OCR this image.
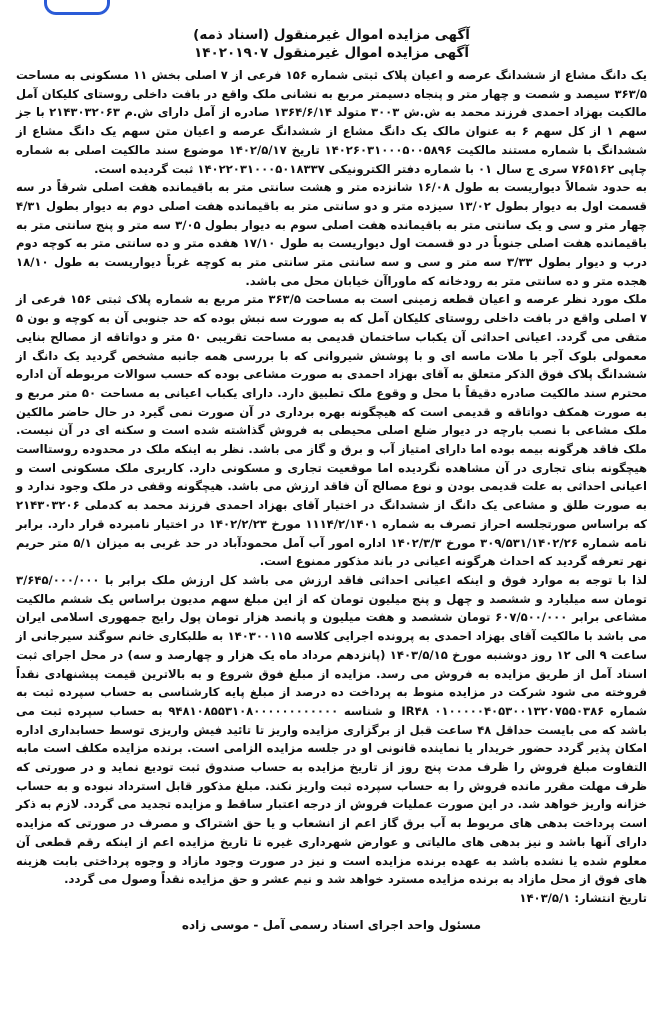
آگهی مزایده اموال غیرمنقول (اسناد ذمه)
آگهی مزایده اموال غیرمنقول ۱۴۰۲۰۱۹۰۷

یک دانگ مشاع از ششدانگ عرصه و اعیان پلاک ثبتی شماره ۱۵۶ فرعی از ۷ اصلی بخش ۱۱ مسکونی به مساحت ۳۶۳/۵ سیصد و شصت و چهار متر و پنجاه دسیمتر مربع به نشانی ملک واقع در بافت داخلی روستای کلیکان آمل مالکیت بهزاد احمدی فرزند محمد به ش.ش ۳۰۰۳ متولد ۱۳۶۴/۶/۱۴ صادره از آمل دارای ش.م ۲۱۴۳۰۳۲۰۶۳ با جز سهم ۱ از کل سهم ۶ به عنوان مالک یک دانگ مشاع از ششدانگ عرصه و اعیان متن سهم یک دانگ مشاع از ششدانگ با شماره مستند مالکیت ۱۴۰۲۶۰۳۱۰۰۰۵۰۰۵۸۹۶ تاریخ ۱۴۰۲/۵/۱۷ موضوع سند مالکیت اصلی به شماره چاپی ۷۶۵۱۶۲ سری ج سال ۰۱ با شماره دفتر الکترونیکی ۱۴۰۲۲۰۳۱۰۰۰۵۰۱۸۳۳۷ ثبت گردیده است.

به حدود شمالاً دیواریست به طول ۱۶/۰۸ شانزده متر و هشت سانتی متر به باقیمانده هفت اصلی شرقاً در سه قسمت اول به دیوار بطول ۱۳/۰۲ سیزده متر و دو سانتی متر به باقیمانده هفت اصلی دوم به دیوار بطول ۴/۳۱ چهار متر و سی و یک سانتی متر به باقیمانده هفت اصلی سوم به دیوار بطول ۳/۰۵ سه متر و پنج سانتی متر به باقیمانده هفت اصلی جنوباً در دو قسمت اول دیواریست به طول ۱۷/۱۰ هفده متر و ده سانتی متر به کوچه دوم درب و دیوار بطول ۳/۳۳ سه متر و سی و سه سانتی متر سانتی متر به کوچه غرباً دیواریست به طول ۱۸/۱۰ هجده متر و ده سانتی متر به رودخانه که ماوراآن خیابان محل می باشد.

ملک مورد نظر عرصه و اعیان قطعه زمینی است به مساحت ۳۶۳/۵ متر مربع به شماره پلاک ثبتی ۱۵۶ فرعی از ۷ اصلی واقع در بافت داخلی روستای کلیکان آمل که به صورت سه نبش بوده که حد جنوبی آن به کوچه و بون ۵ متقی می گردد. اعیانی احداثی آن یکباب ساختمان قدیمی به مساحت تقریبی ۵۰ متر و دواتاقه از مصالح بنایی معمولی بلوک آجر با ملات ماسه ای و با پوشش شیروانی که با بررسی همه جانبه مشخص گردید یک دانگ از ششدانگ پلاک فوق الذکر متعلق به آقای بهزاد احمدی به صورت مشاعی بوده که حسب سوالات مربوطه آن اداره محترم سند مالکیت صادره دقیقاً با محل و وقوع ملک تطبیق دارد. دارای یکباب اعیانی به مساحت ۵۰ متر مربع و به صورت همکف دواتاقه و قدیمی است که هیچگونه بهره برداری در آن صورت نمی گیرد در حال حاضر مالکین ملک مشاعی با نصب بارچه در دیوار ضلع اصلی محیطی به فروش گذاشته شده است و سکنه ای در آن نیست. ملک فاقد هرگونه بیمه بوده اما دارای امتیاز آب و برق و گاز می باشد. نظر به اینکه ملک در محدوده روستااست هیچگونه بنای تجاری در آن مشاهده نگردیده اما موقعیت تجاری و مسکونی دارد. کاربری ملک مسکونی است و اعیانی احداثی به علت قدیمی بودن و نوع مصالح آن فاقد ارزش می باشد. هیچگونه وقفی در ملک وجود ندارد و به صورت طلق و مشاعی یک دانگ از ششدانگ در اختیار آقای بهزاد احمدی فرزند محمد به کدملی ۲۱۴۳۰۳۲۰۶ که براساس صورتجلسه احراز تصرف به شماره ۱۱۱۴/۲/۱۴۰۱ مورخ ۱۴۰۲/۲/۲۳ در اختیار نامبرده قرار دارد. برابر نامه شماره ۳۰۹/۵۳۱/۱۴۰۲/۲۶ مورخ ۱۴۰۲/۳/۳ اداره امور آب آمل محمودآباد در حد غربی به میزان ۵/۱ متر حریم نهر تعرفه گردید که احداث هرگونه اعیانی در باند مذکور ممنوع است.

لذا با توجه به موارد فوق و اینکه اعیانی احداثی فاقد ارزش می باشد کل ارزش ملک برابر با ۳/۶۴۵/۰۰۰/۰۰۰ تومان سه میلیارد و ششصد و چهل و پنج میلیون تومان که از این مبلغ سهم مدیون براساس یک ششم مالکیت مشاعی برابر ۶۰۷/۵۰۰/۰۰۰ تومان ششصد و هفت میلیون و پانصد هزار تومان پول رایج جمهوری اسلامی ایران می باشد با مالکیت آقای بهزاد احمدی به پرونده اجرایی کلاسه ۱۴۰۳۰۰۱۱۵ به طلبکاری خانم سوگند سیرجانی از ساعت ۹ الی ۱۲ روز دوشنبه مورخ ۱۴۰۳/۵/۱۵ (پانزدهم مرداد ماه یک هزار و چهارصد و سه) در محل اجرای ثبت اسناد آمل از طریق مزایده به فروش می رسد. مزایده از مبلغ فوق شروع و به بالاترین قیمت پیشنهادی نقداً فروخته می شود شرکت در مزایده منوط به پرداخت ده درصد از مبلغ پایه کارشناسی به حساب سپرده ثبت به شماره ۰۱۰۰۰۰۰۴۰۵۳۰۰۱۳۲۰۷۵۵۰۳۸۶ IR۴۸ و شناسه ۹۴۸۱۰۸۵۵۳۱۰۸۰۰۰۰۰۰۰۰۰۰۰۰ به حساب سپرده ثبت می باشد که می بایست حداقل ۴۸ ساعت قبل از برگزاری مزایده واریز تا تائید فیش واریزی توسط حسابداری اداره امکان پذیر گردد حضور خریدار یا نماینده قانونی او در جلسه مزایده الزامی است. برنده مزایده مکلف است مابه التفاوت مبلغ فروش را ظرف مدت پنج روز از تاریخ مزایده به حساب صندوق ثبت تودیع نماید و در صورتی که ظرف مهلت مقرر مانده فروش را به حساب سپرده ثبت واریز نکند. مبلغ مذکور قابل استرداد نبوده و به حساب خزانه واریز خواهد شد. در این صورت عملیات فروش از درجه اعتبار ساقط و مزایده تجدید می گردد. لازم به ذکر است پرداخت بدهی های مربوط به آب برق گاز اعم از انشعاب و یا حق اشتراک و مصرف در صورتی که مزایده دارای آنها باشد و نیز بدهی های مالیاتی و عوارض شهرداری غیره تا تاریخ مزایده اعم از اینکه رقم قطعی آن معلوم شده یا نشده باشد به عهده برنده مزایده است و نیز در صورت وجود مازاد و وجوه پرداختی بابت هزینه های فوق از محل مازاد به برنده مزایده مسترد خواهد شد و نیم عشر و حق مزایده نقداً وصول می گردد.

تاریخ انتشار: ۱۴۰۳/۵/۱

مسئول واحد اجرای اسناد رسمی آمل - موسی زاده
